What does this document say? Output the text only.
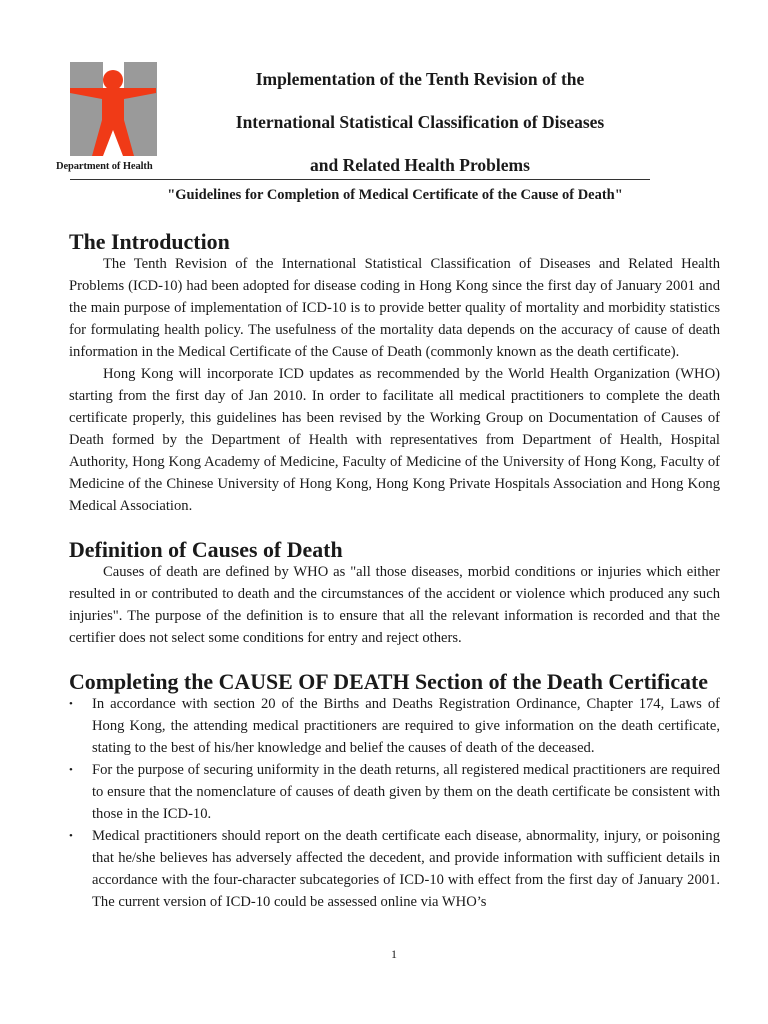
Department of Health
Implementation of the Tenth Revision of the
International Statistical Classification of Diseases
and Related Health Problems
"Guidelines for Completion of Medical Certificate of the Cause of Death"
The Introduction

The Tenth Revision of the International Statistical Classification of Diseases and Related Health Problems (ICD-10) had been adopted for disease coding in Hong Kong since the first day of January 2001 and the main purpose of implementation of ICD-10 is to provide better quality of mortality and morbidity statistics for formulating health policy. The usefulness of the mortality data depends on the accuracy of cause of death information in the Medical Certificate of the Cause of Death (commonly known as the death certificate).

Hong Kong will incorporate ICD updates as recommended by the World Health Organization (WHO) starting from the first day of Jan 2010. In order to facilitate all medical practitioners to complete the death certificate properly, this guidelines has been revised by the Working Group on Documentation of Causes of Death formed by the Department of Health with representatives from Department of Health, Hospital Authority, Hong Kong Academy of Medicine, Faculty of Medicine of the University of Hong Kong, Faculty of Medicine of the Chinese University of Hong Kong, Hong Kong Private Hospitals Association and Hong Kong Medical Association.

Definition of Causes of Death

Causes of death are defined by WHO as "all those diseases, morbid conditions or injuries which either resulted in or contributed to death and the circumstances of the accident or violence which produced any such injuries". The purpose of the definition is to ensure that all the relevant information is recorded and that the certifier does not select some conditions for entry and reject others.

Completing the CAUSE OF DEATH Section of the Death Certificate
•	In accordance with section 20 of the Births and Deaths Registration Ordinance, Chapter 174, Laws of Hong Kong, the attending medical practitioners are required to give information on the death certificate, stating to the best of his/her knowledge and belief the causes of death of the deceased.
•	For the purpose of securing uniformity in the death returns, all registered medical practitioners are required to ensure that the nomenclature of causes of death given by them on the death certificate be consistent with those in the ICD-10.
•	Medical practitioners should report on the death certificate each disease, abnormality, injury, or poisoning that he/she believes has adversely affected the decedent, and provide information with sufficient details in accordance with the four-character subcategories of ICD-10 with effect from the first day of January 2001. The current version of ICD-10 could be assessed online via WHO’s
1
